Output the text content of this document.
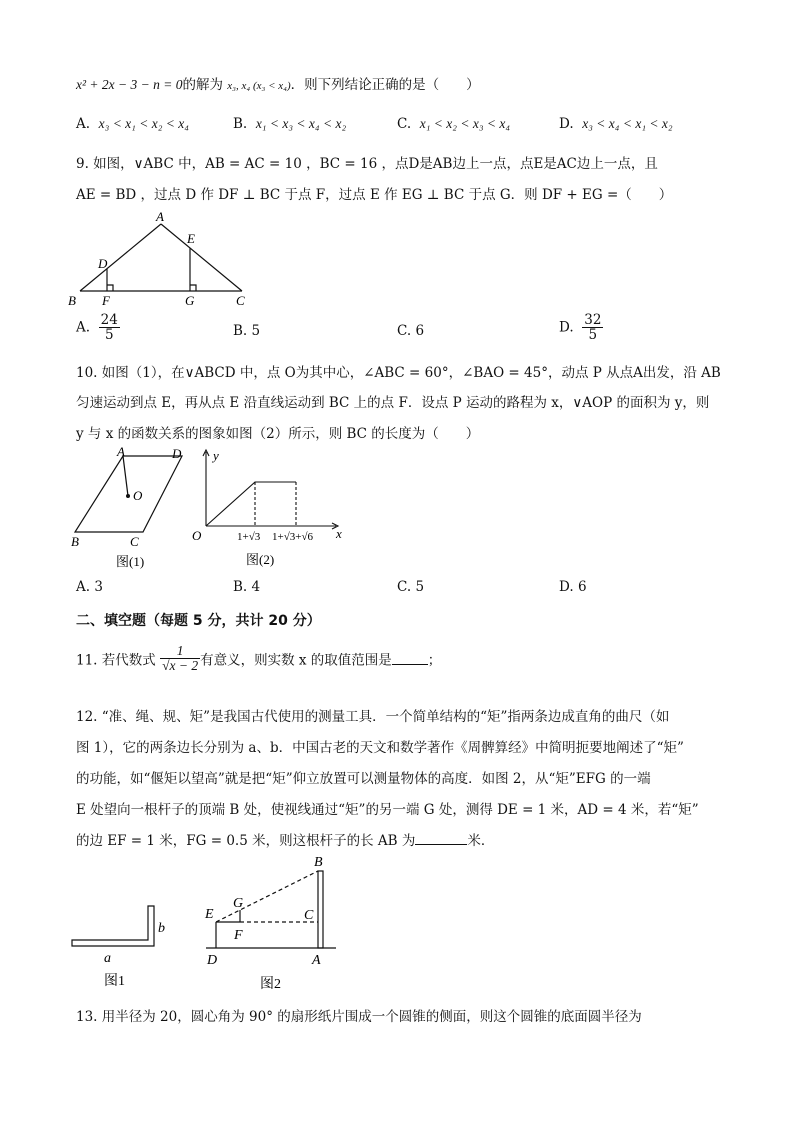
x² + 2x − 3 − n = 0的解为 x₃, x₄ (x₃ < x₄)．则下列结论正确的是（　　）
A. x₃ < x₁ < x₂ < x₄	B. x₁ < x₃ < x₄ < x₂	C. x₁ < x₂ < x₃ < x₄	D. x₃ < x₄ < x₁ < x₂
9. 如图，∨ABC 中，AB = AC = 10 ，BC = 16 ，点D是AB边上一点，点E是AC边上一点，且
AE = BD ，过点 D 作 DF ⊥ BC 于点 F，过点 E 作 EG ⊥ BC 于点 G．则 DF + EG =（　　）
A
B	C
D
E
F	G
A. $\frac{24}{5}$	B. 5	C. 6	D. $\frac{32}{5}$
10. 如图（1），在∨ABCD 中，点 O为其中心，∠ABC = 60°，∠BAO = 45°，动点 P 从点A出发，沿 AB
匀速运动到点 E，再从点 E 沿直线运动到 BC 上的点 F．设点 P 运动的路程为 x，∨AOP 的面积为 y，则
y 与 x 的函数关系的图象如图（2）所示，则 BC 的长度为（　　）
A	D
O
B	C
图(1)
y
x
O	1+√3 1+√3+√6
图(2)
A. 3	B. 4	C. 5	D. 6
二、填空题（每题 5 分，共计 20 分）
11. 若代数式 $\frac{1}{√x - 2}$ 有意义，则实数 x 的取值范围是	；
12. “准、绳、规、矩”是我国古代使用的测量工具．一个简单结构的“矩”指两条边成直角的曲尺（如
图 1），它的两条边长分别为 a、b．中国古老的天文和数学著作《周髀算经》中简明扼要地阐述了“矩”
的功能，如“偃矩以望高”就是把“矩”仰立放置可以测量物体的高度．如图 2，从“矩”EFG 的一端
E 处望向一根杆子的顶端 B 处，使视线通过“矩”的另一端 G 处，测得 DE = 1 米，AD = 4 米，若“矩”
的边 EF = 1 米，FG = 0.5 米，则这根杆子的长 AB 为	米．
b
a
图1
B
G
E	C
F
D	A
图2
13. 用半径为 20，圆心角为 90° 的扇形纸片围成一个圆锥的侧面，则这个圆锥的底面圆半径为
